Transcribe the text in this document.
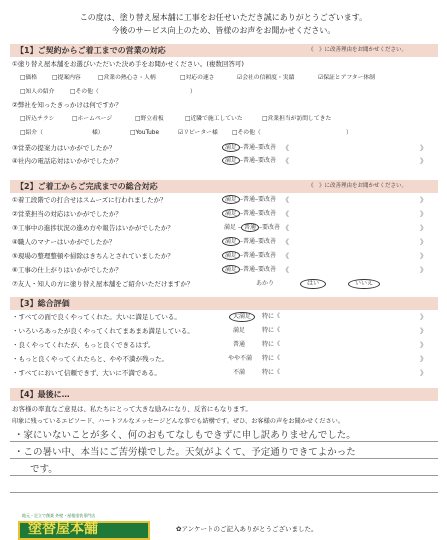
この度は、塗り替え屋本舗に工事をお任せいただき誠にありがとうございます。
今後のサービス向上のため、皆様のお声をお聞かせください。
【1】ご契約からご着工までの営業の対応	《　》に改善理由をお聞かせください。
①塗り替え屋本舗をお選びいただいた決め手をお聞かせください。(複数回答可)
□価格	□提案内容	□営業の熱心さ・人柄	□対応の速さ	☑会社の信頼度・実績	☑保証とアフター体制
□知人の紹介	□その他（	）
②弊社を知ったきっかけは何ですか？
□折込チラシ	□ホームページ	□野立看板	□近隣で施工していた	□営業担当が訪問してきた
□紹介（	様）	□YouTube	☑リピーター様 □その他（	）
③営業の提案力はいかがでしたか？	満足 –普通–要改善 《	》
④社内の電話応対はいかがでしたか？	満足 –普通–要改善 《	》
【2】ご着工からご完成までの総合対応	《　》に改善理由をお聞かせください。
①着工段階での打合せはスムーズに行われましたか？	満足 –普通–要改善 《	》
②営業担当の対応はいかがでしたか？	満足 –普通–要改善 《	》
③工事中の進捗状況の進め方や報告はいかがでしたか？	満足 – 普通 –要改善 《	》
④職人のマナーはいかがでしたか？	満足 –普通–要改善 《	》
⑤現場の整理整頓や掃除はきちんとされていましたか？	満足 –普通–要改善 《	》
⑥工事の仕上がりはいかがでしたか？	満足 –普通–要改善 《	》
⑦友人・知人の方に塗り替え屋本舗をご紹介いただけますか？	あかり	はい	いいえ
【3】総合評価
・すべての面で良くやってくれた。大いに満足している。	大満足	特に《	》
・いろいろあったが良くやってくれてまあまあ満足している。	満足	特に《	》
・良くやってくれたが、もっと良くできるはず。	普通	特に《	》
・もっと良くやってくれたらと、やや不満が残った。	やや不満 特に《	》
・すべてにおいて信頼できず、大いに不満である。	不満	特に《	》
【4】最後に…
お客様の率直なご意見は、私たちにとって大きな励みになり、反省にもなります。
印象に残っているエピソード、ハートフルなメッセージどんな事でも結構です。ぜひ、お客様の声をお聞かせください。
・家にいないことが多く、何のおもてなしもできずに申し訳ありませんでした。
・この暑い中、本当にご苦労様でした。天気がよくて、予定通りできてよかった
です。
地元・足立で創業 外壁・屋根塗装専門店
塗替屋本舗	✿アンケートのご記入ありがとうございました。
